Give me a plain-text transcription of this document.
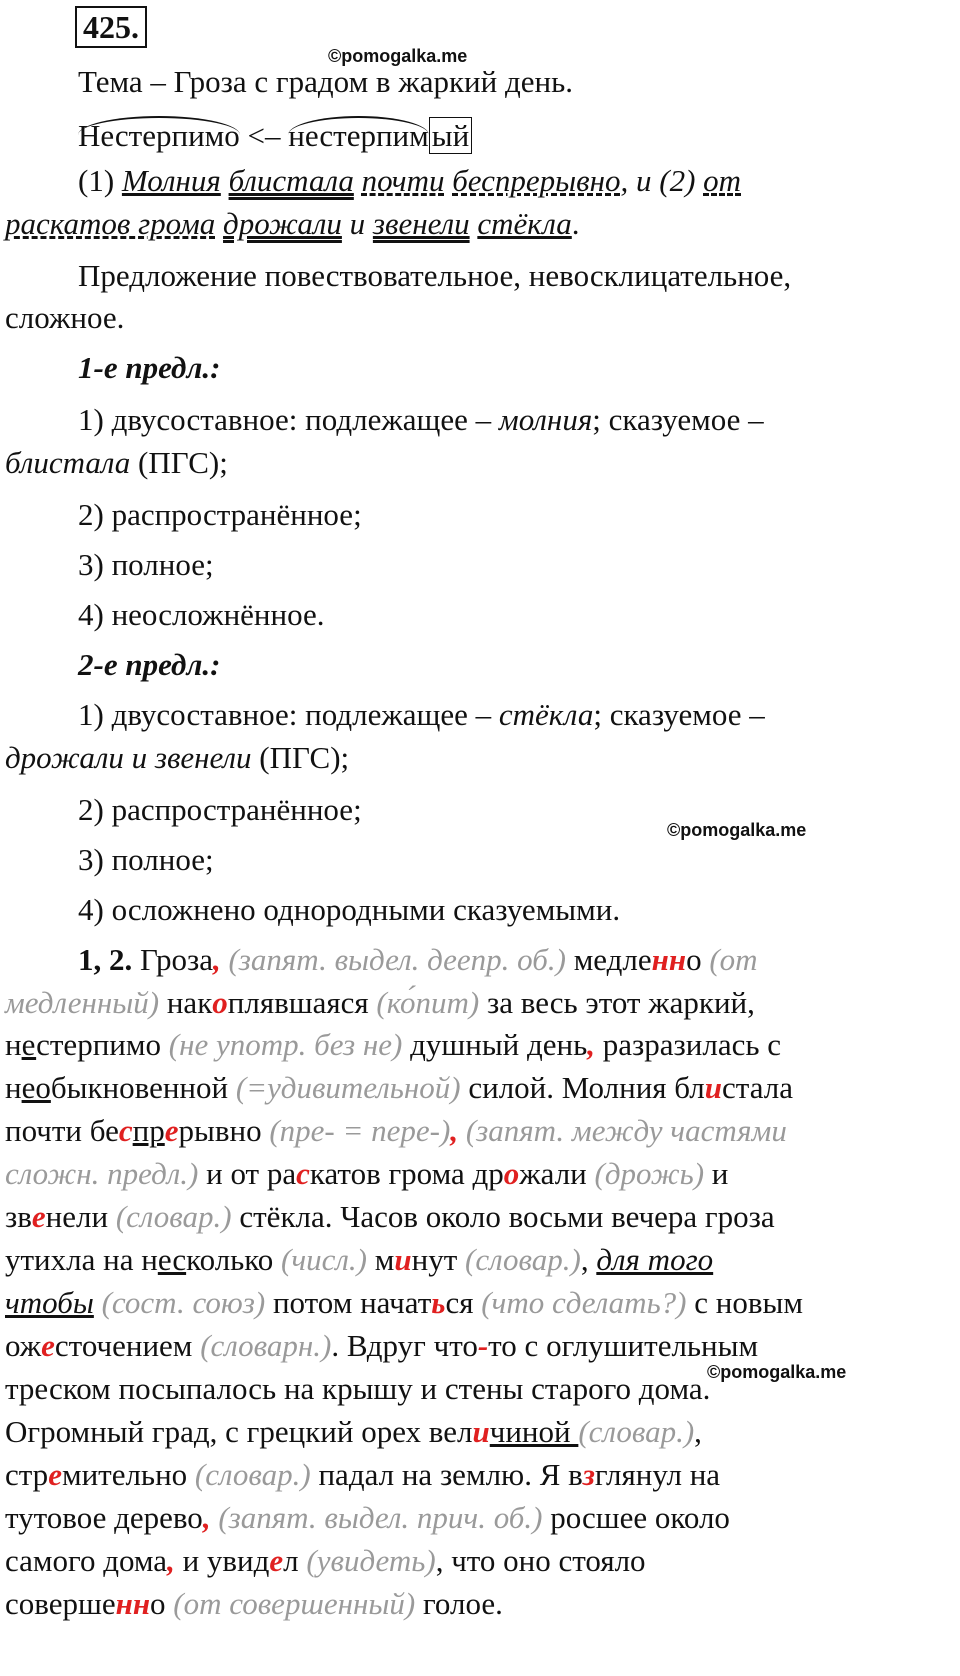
425.
©pomogalka.me
©pomogalka.me
©pomogalka.me
Тема – Гроза с градом в жаркий день.
Нестерпимо <– нестерпимый
(1) Молния блистала почти беспрерывно, и (2) от
раскатов грома дрожали и звенели стёкла.
Предложение повествовательное, невосклицательное,
сложное.
1-е предл.:
1) двусоставное: подлежащее – молния; сказуемое –
блистала (ПГС);
2) распространённое;
3) полное;
4) неосложнённое.
2-е предл.:
1) двусоставное: подлежащее – стёкла; сказуемое –
дрожали и звенели (ПГС);
2) распространённое;
3) полное;
4) осложнено однородными сказуемыми.
1, 2. Гроза, (запят. выдел. деепр. об.) медленно (от
медленный) накоплявшаяся (ко́пит) за весь этот жаркий,
нестерпимо (не употр. без не) душный день, разразилась с
необыкновенной (=удивительной) силой. Молния блистала
почти беспрерывно (пре- = пере-), (запят. между частями
сложн. предл.) и от раскатов грома дрожали (дрожь) и
звенели (словар.) стёкла. Часов около восьми вечера гроза
утихла на несколько (числ.) минут (словар.), для того
чтобы (сост. союз) потом начаться (что сделать?) с новым
ожесточением (словарн.). Вдруг что-то с оглушительным
треском посыпалось на крышу и стены старого дома.
Огромный град, с грецкий орех величиной (словар.),
стремительно (словар.) падал на землю. Я взглянул на
тутовое дерево, (запят. выдел. прич. об.) росшее около
самого дома, и увидел (увидеть), что оно стояло
совершенно (от совершенный) голое.
